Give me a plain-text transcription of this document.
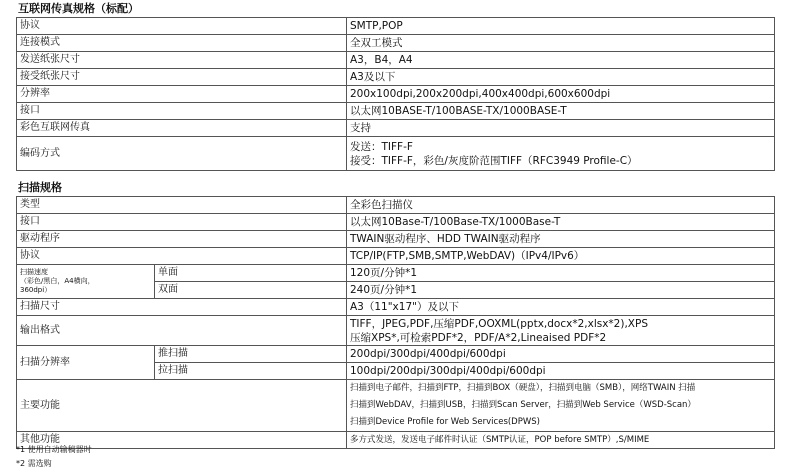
互联网传真规格（标配）
协议	SMTP,POP
连接模式	全双工模式
发送纸张尺寸	A3，B4，A4
接受纸张尺寸	A3及以下
分辨率	200x100dpi,200x200dpi,400x400dpi,600x600dpi
接口	以太网10BASE-T/100BASE-TX/1000BASE-T
彩色互联网传真	支持
编码方式	发送：TIFF-F
接受：TIFF-F，彩色/灰度阶范围TIFF（RFC3949 Profile-C）
扫描规格
类型		全彩色扫描仪
接口		以太网10Base-T/100Base-TX/1000Base-T
驱动程序		TWAIN驱动程序、HDD TWAIN驱动程序
协议		TCP/IP(FTP,SMB,SMTP,WebDAV)（IPv4/IPv6）

扫描速度
（彩色/黑白，A4横向，
360dpi）	单面	120页/分钟*1
	双面	240页/分钟*1
扫描尺寸		A3（11"x17"）及以下
输出格式		TIFF，JPEG,PDF,压缩PDF,OOXML(pptx,docx*2,xlsx*2),XPS
压缩XPS*,可检索PDF*2，PDF/A*2,Lineaised PDF*2

扫描分辨率	推扫描	200dpi/300dpi/400dpi/600dpi
	拉扫描	100dpi/200dpi/300dpi/400dpi/600dpi
主要功能		扫描到电子邮件，扫描到FTP，扫描到BOX（硬盘），扫描到电脑（SMB），网络TWAIN 扫描
扫描到WebDAV，扫描到USB，扫描到Scan Server，扫描到Web Service（WSD-Scan）
扫描到Device Profile for Web Services(DPWS)

其他功能		多方式发送，发送电子邮件时认证（SMTP认证，POP before SMTP）,S/MIME
*1 使用自动输稿器时
*2 需选购
